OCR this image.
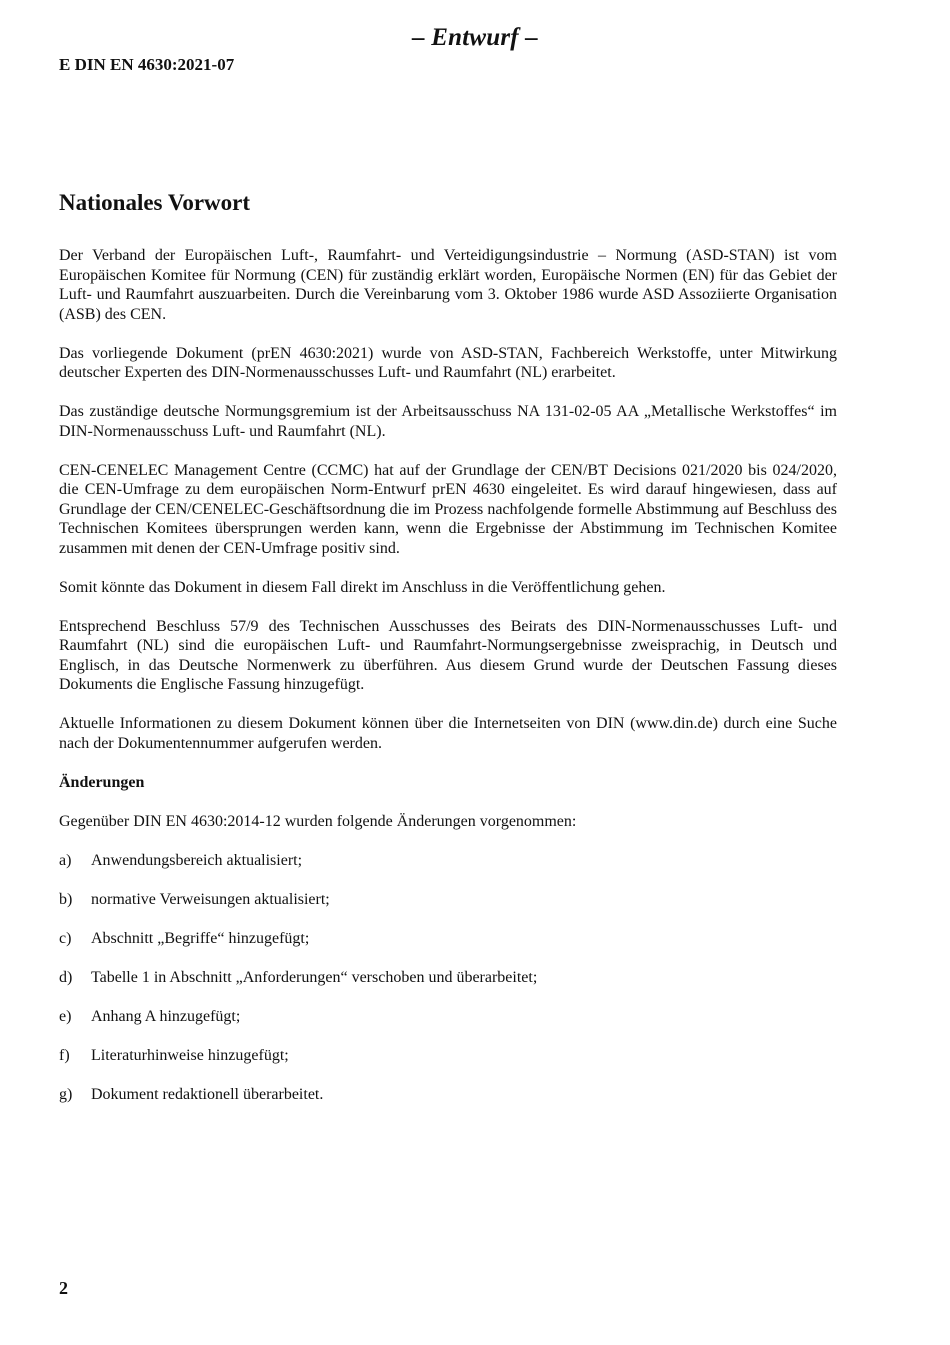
– Entwurf –
E DIN EN 4630:2021-07
Nationales Vorwort

Der Verband der Europäischen Luft-, Raumfahrt- und Verteidigungsindustrie – Normung (ASD-STAN) ist vom Europäischen Komitee für Normung (CEN) für zuständig erklärt worden, Europäische Normen (EN) für das Gebiet der Luft- und Raumfahrt auszuarbeiten. Durch die Vereinbarung vom 3. Oktober 1986 wurde ASD Assoziierte Organisation (ASB) des CEN.

Das vorliegende Dokument (prEN 4630:2021) wurde von ASD-STAN, Fachbereich Werkstoffe, unter Mitwirkung deutscher Experten des DIN-Normenausschusses Luft- und Raumfahrt (NL) erarbeitet.

Das zuständige deutsche Normungsgremium ist der Arbeitsausschuss NA 131-02-05 AA „Metallische Werkstoffes“ im DIN-Normenausschuss Luft- und Raumfahrt (NL).

CEN-CENELEC Management Centre (CCMC) hat auf der Grundlage der CEN/BT Decisions 021/2020 bis 024/2020, die CEN-Umfrage zu dem europäischen Norm-Entwurf prEN 4630 eingeleitet. Es wird darauf hingewiesen, dass auf Grundlage der CEN/CENELEC-Geschäftsordnung die im Prozess nachfolgende formelle Abstimmung auf Beschluss des Technischen Komitees übersprungen werden kann, wenn die Ergebnisse der Abstimmung im Technischen Komitee zusammen mit denen der CEN-Umfrage positiv sind.

Somit könnte das Dokument in diesem Fall direkt im Anschluss in die Veröffentlichung gehen.

Entsprechend Beschluss 57/9 des Technischen Ausschusses des Beirats des DIN-Normenausschusses Luft- und Raumfahrt (NL) sind die europäischen Luft- und Raumfahrt-Normungsergebnisse zweisprachig, in Deutsch und Englisch, in das Deutsche Normenwerk zu überführen. Aus diesem Grund wurde der Deutschen Fassung dieses Dokuments die Englische Fassung hinzugefügt.

Aktuelle Informationen zu diesem Dokument können über die Internetseiten von DIN (www.din.de) durch eine Suche nach der Dokumentennummer aufgerufen werden.

Änderungen

Gegenüber DIN EN 4630:2014-12 wurden folgende Änderungen vorgenommen:

a)	Anwendungsbereich aktualisiert;
b)	normative Verweisungen aktualisiert;
c)	Abschnitt „Begriffe“ hinzugefügt;
d)	Tabelle 1 in Abschnitt „Anforderungen“ verschoben und überarbeitet;
e)	Anhang A hinzugefügt;
f)	Literaturhinweise hinzugefügt;
g)	Dokument redaktionell überarbeitet.
2
